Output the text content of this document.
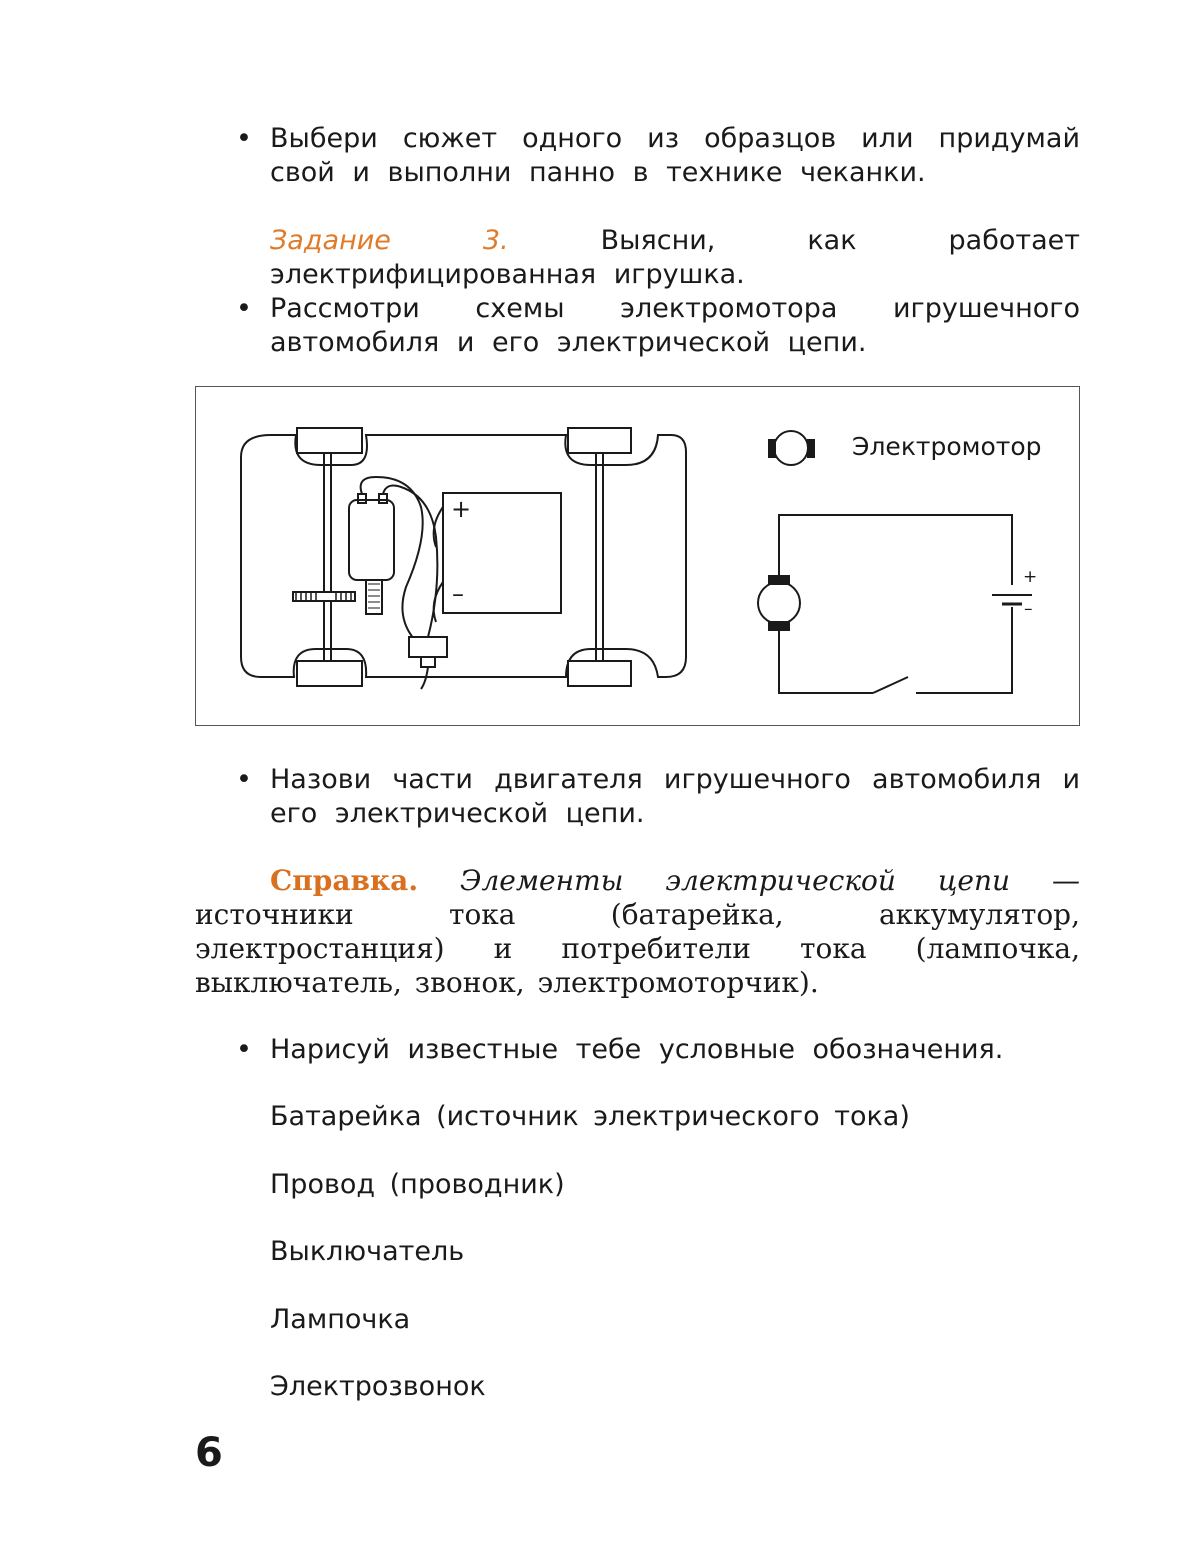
• Выбери сюжет одного из образцов или придумай свой и выполни панно в технике чеканки.
Задание 3.	Выясни, как работает электрифицированная игрушка.
• Рассмотри схемы электромотора игрушечного автомобиля и его электрической цепи.
Электромотор
+
–
+
–
• Назови части двигателя игрушечного автомобиля и его электрической цепи.
Справка. Элементы электрической цепи — источники тока (батарейка, аккумулятор, электростанция) и потребители тока (лампочка, выключатель, звонок, электромоторчик).
• Нарисуй известные тебе условные обозначения.
Батарейка (источник электрического тока)
Провод (проводник)
Выключатель
Лампочка
Электрозвонок
6
